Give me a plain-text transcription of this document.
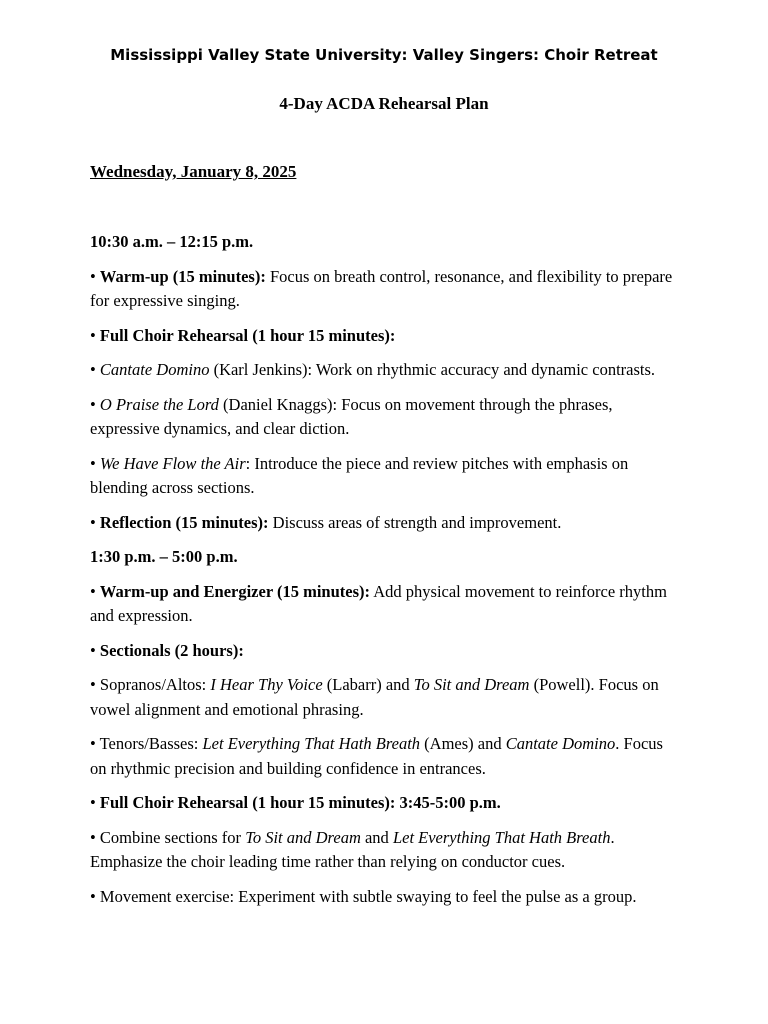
Mississippi Valley State University: Valley Singers: Choir Retreat
4-Day ACDA Rehearsal Plan
Wednesday, January 8, 2025

10:30 a.m. – 12:15 p.m.

• Warm-up (15 minutes): Focus on breath control, resonance, and flexibility to prepare for expressive singing.

• Full Choir Rehearsal (1 hour 15 minutes):

• Cantate Domino (Karl Jenkins): Work on rhythmic accuracy and dynamic contrasts.

• O Praise the Lord (Daniel Knaggs): Focus on movement through the phrases, expressive dynamics, and clear diction.

• We Have Flow the Air: Introduce the piece and review pitches with emphasis on blending across sections.

• Reflection (15 minutes): Discuss areas of strength and improvement.

1:30 p.m. – 5:00 p.m.

• Warm-up and Energizer (15 minutes): Add physical movement to reinforce rhythm and expression.

• Sectionals (2 hours):

• Sopranos/Altos: I Hear Thy Voice (Labarr) and To Sit and Dream (Powell). Focus on vowel alignment and emotional phrasing.

• Tenors/Basses: Let Everything That Hath Breath (Ames) and Cantate Domino. Focus on rhythmic precision and building confidence in entrances.

• Full Choir Rehearsal (1 hour 15 minutes): 3:45-5:00 p.m.

• Combine sections for To Sit and Dream and Let Everything That Hath Breath. Emphasize the choir leading time rather than relying on conductor cues.

• Movement exercise: Experiment with subtle swaying to feel the pulse as a group.
